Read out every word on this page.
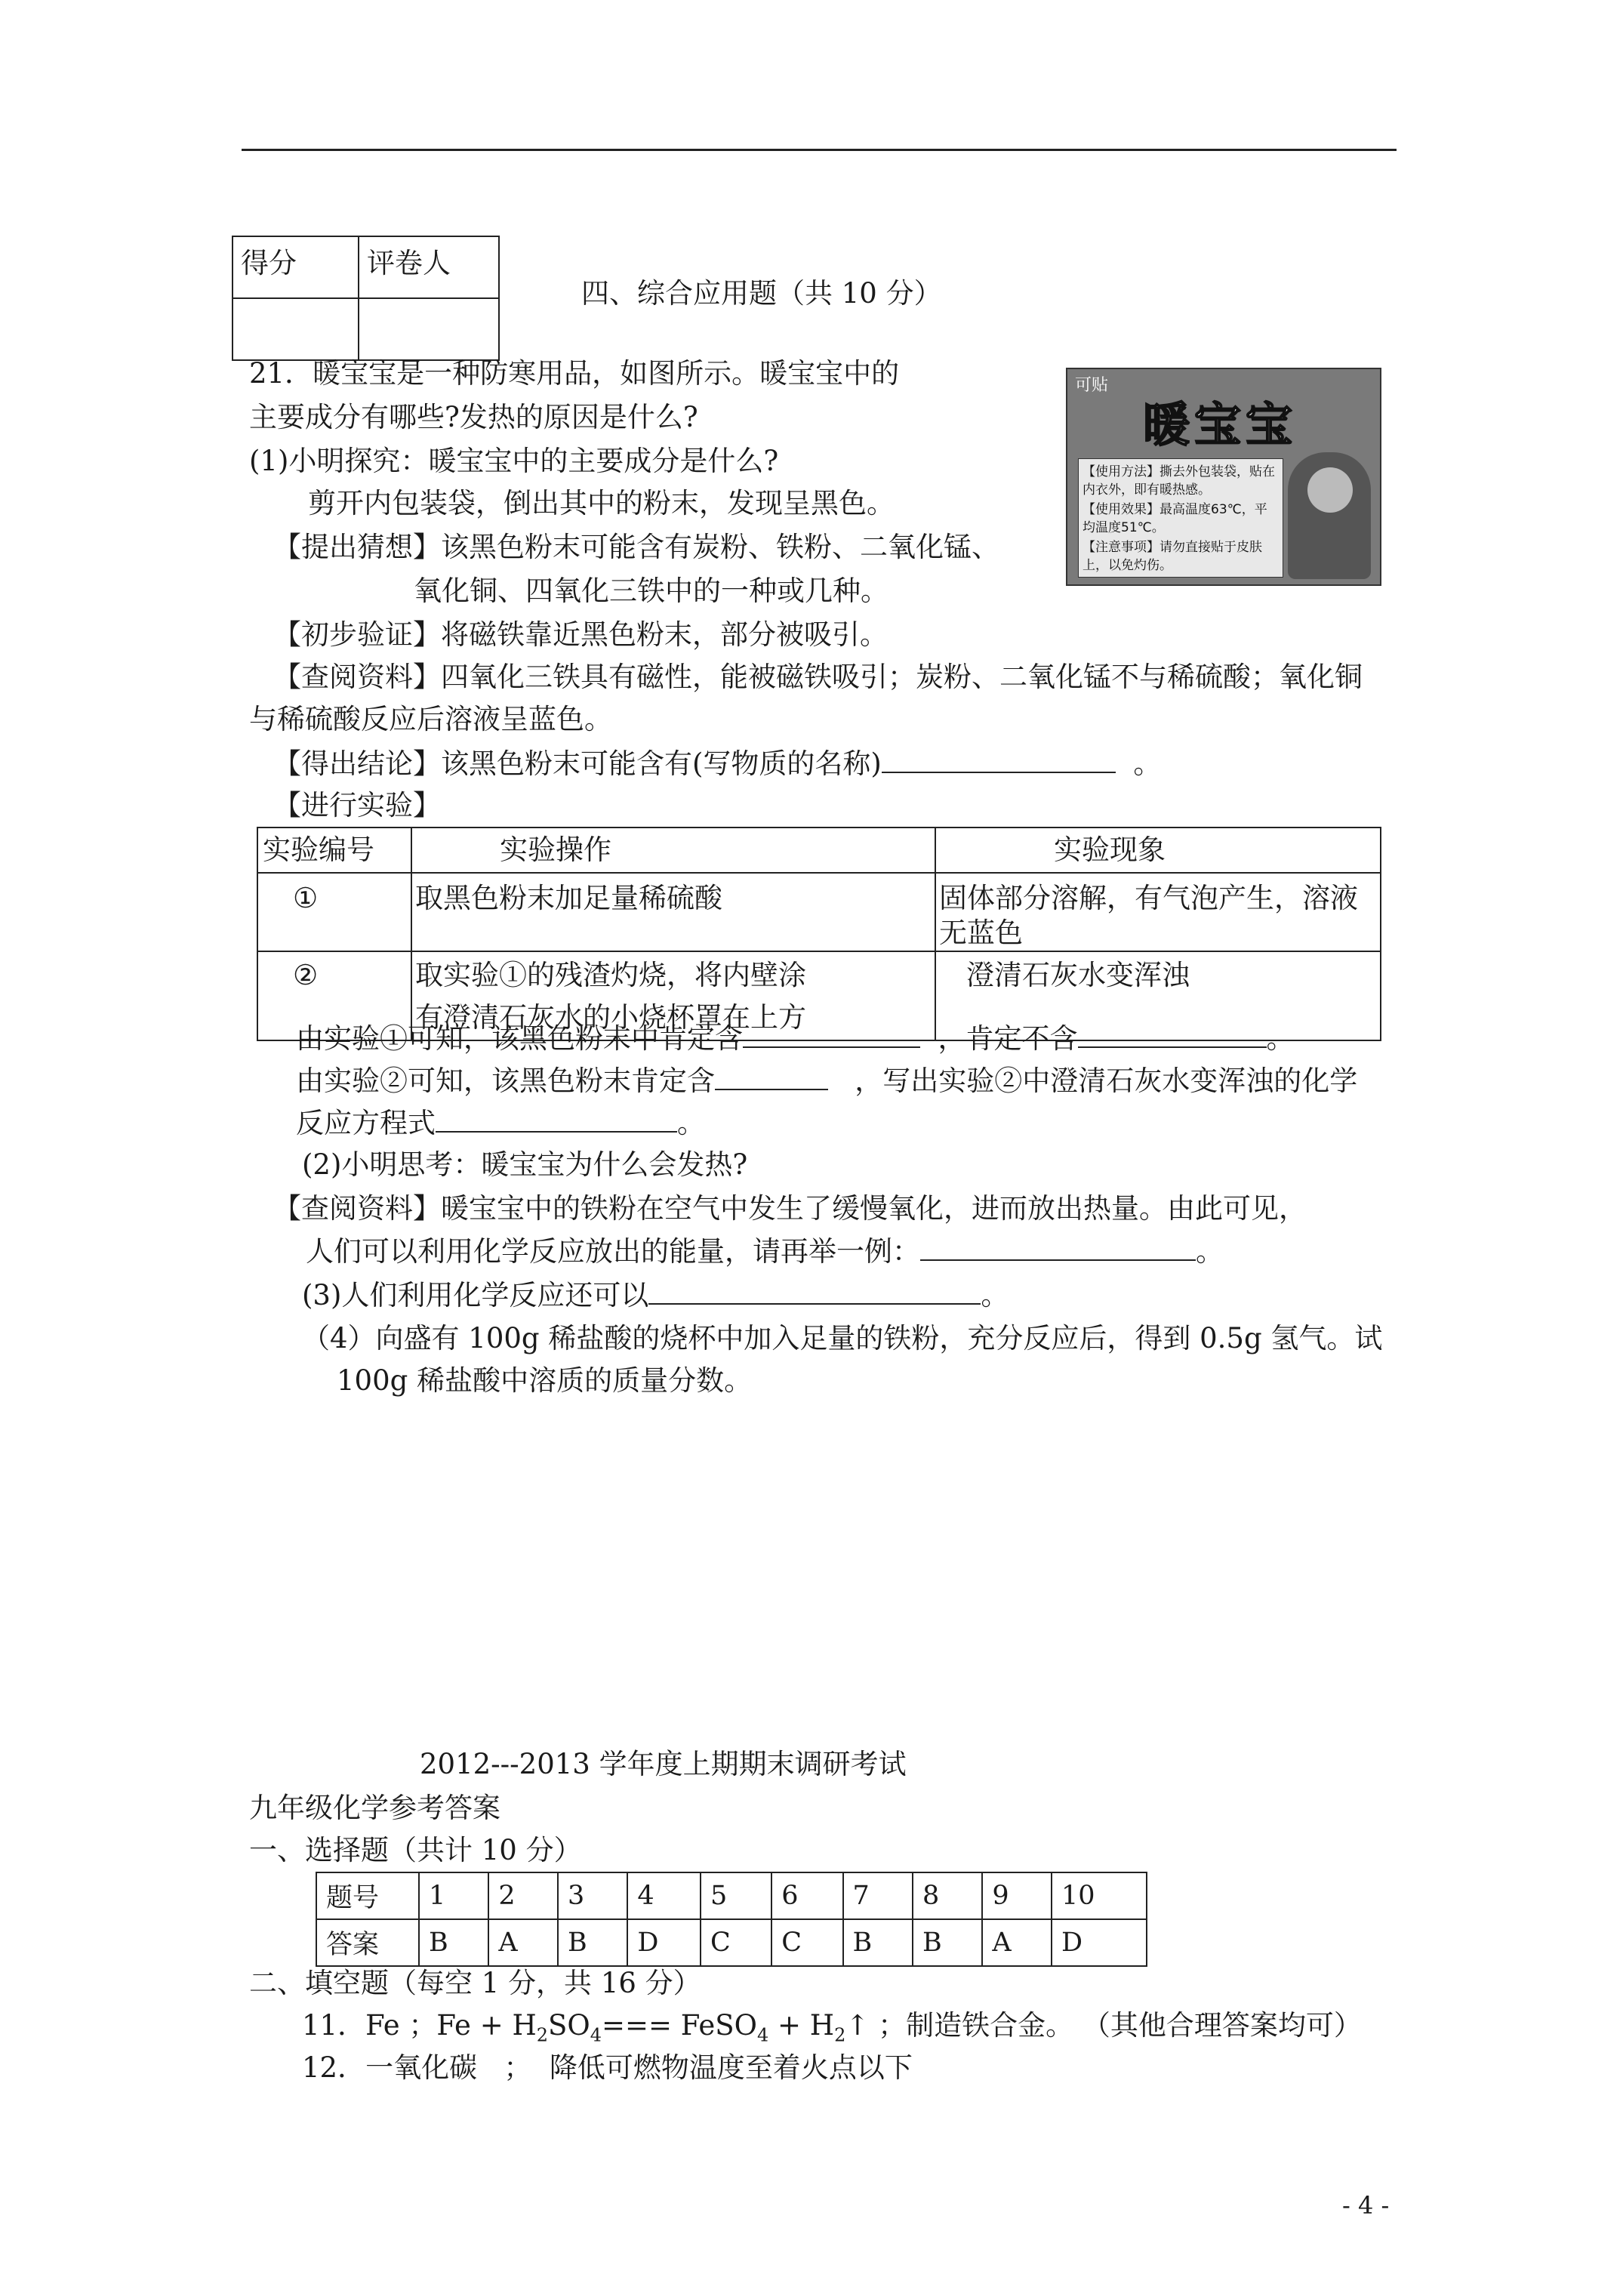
得分	评卷人

四、综合应用题（共 10 分）
可贴
暖宝宝
【使用方法】撕去外包装袋，贴在内衣外，即有暖热感。
【使用效果】最高温度63℃，平均温度51℃。
【注意事项】请勿直接贴于皮肤上，以免灼伤。
21．暖宝宝是一种防寒用品，如图所示。暖宝宝中的
主要成分有哪些?发热的原因是什么?
(1)小明探究：暖宝宝中的主要成分是什么?
剪开内包装袋，倒出其中的粉末，发现呈黑色。
【提出猜想】该黑色粉末可能含有炭粉、铁粉、二氧化锰、
氧化铜、四氧化三铁中的一种或几种。
【初步验证】将磁铁靠近黑色粉末，部分被吸引。
【查阅资料】四氧化三铁具有磁性，能被磁铁吸引；炭粉、二氧化锰不与稀硫酸；氧化铜
与稀硫酸反应后溶液呈蓝色。
【得出结论】该黑色粉末可能含有(写物质的名称)	。
【进行实验】
实验编号	实验操作	实验现象
①	取黑色粉末加足量稀硫酸	固体部分溶解，有气泡产生，溶液无蓝色
②	取实验①的残渣灼烧，将内壁涂
有澄清石灰水的小烧杯罩在上方	澄清石灰水变浑浊
由实验①可知，该黑色粉末中肯定含	，肯定不含	。
由实验②可知，该黑色粉末肯定含	，写出实验②中澄清石灰水变浑浊的化学
反应方程式	。
(2)小明思考：暖宝宝为什么会发热?
【查阅资料】暖宝宝中的铁粉在空气中发生了缓慢氧化，进而放出热量。由此可见，
人们可以利用化学反应放出的能量，请再举一例：	。
(3)人们利用化学反应还可以	。
（4）向盛有 100g 稀盐酸的烧杯中加入足量的铁粉，充分反应后，得到 0.5g 氢气。试
100g 稀盐酸中溶质的质量分数。
2012---2013 学年度上期期末调研考试
九年级化学参考答案
一、选择题（共计 10 分）
题号	1	2	3	4	5	6	7	8	9	10
答案	B	A	B	D	C	C	B	B	A	D
二、填空题（每空 1 分，共 16 分）
11．Fe ；$Fe + H_2SO_4===$ FeSO$_4$ + $H_2↑$ ；制造铁合金。 （其他合理答案均可）
12．一氧化碳   ；  降低可燃物温度至着火点以下
- 4 -
